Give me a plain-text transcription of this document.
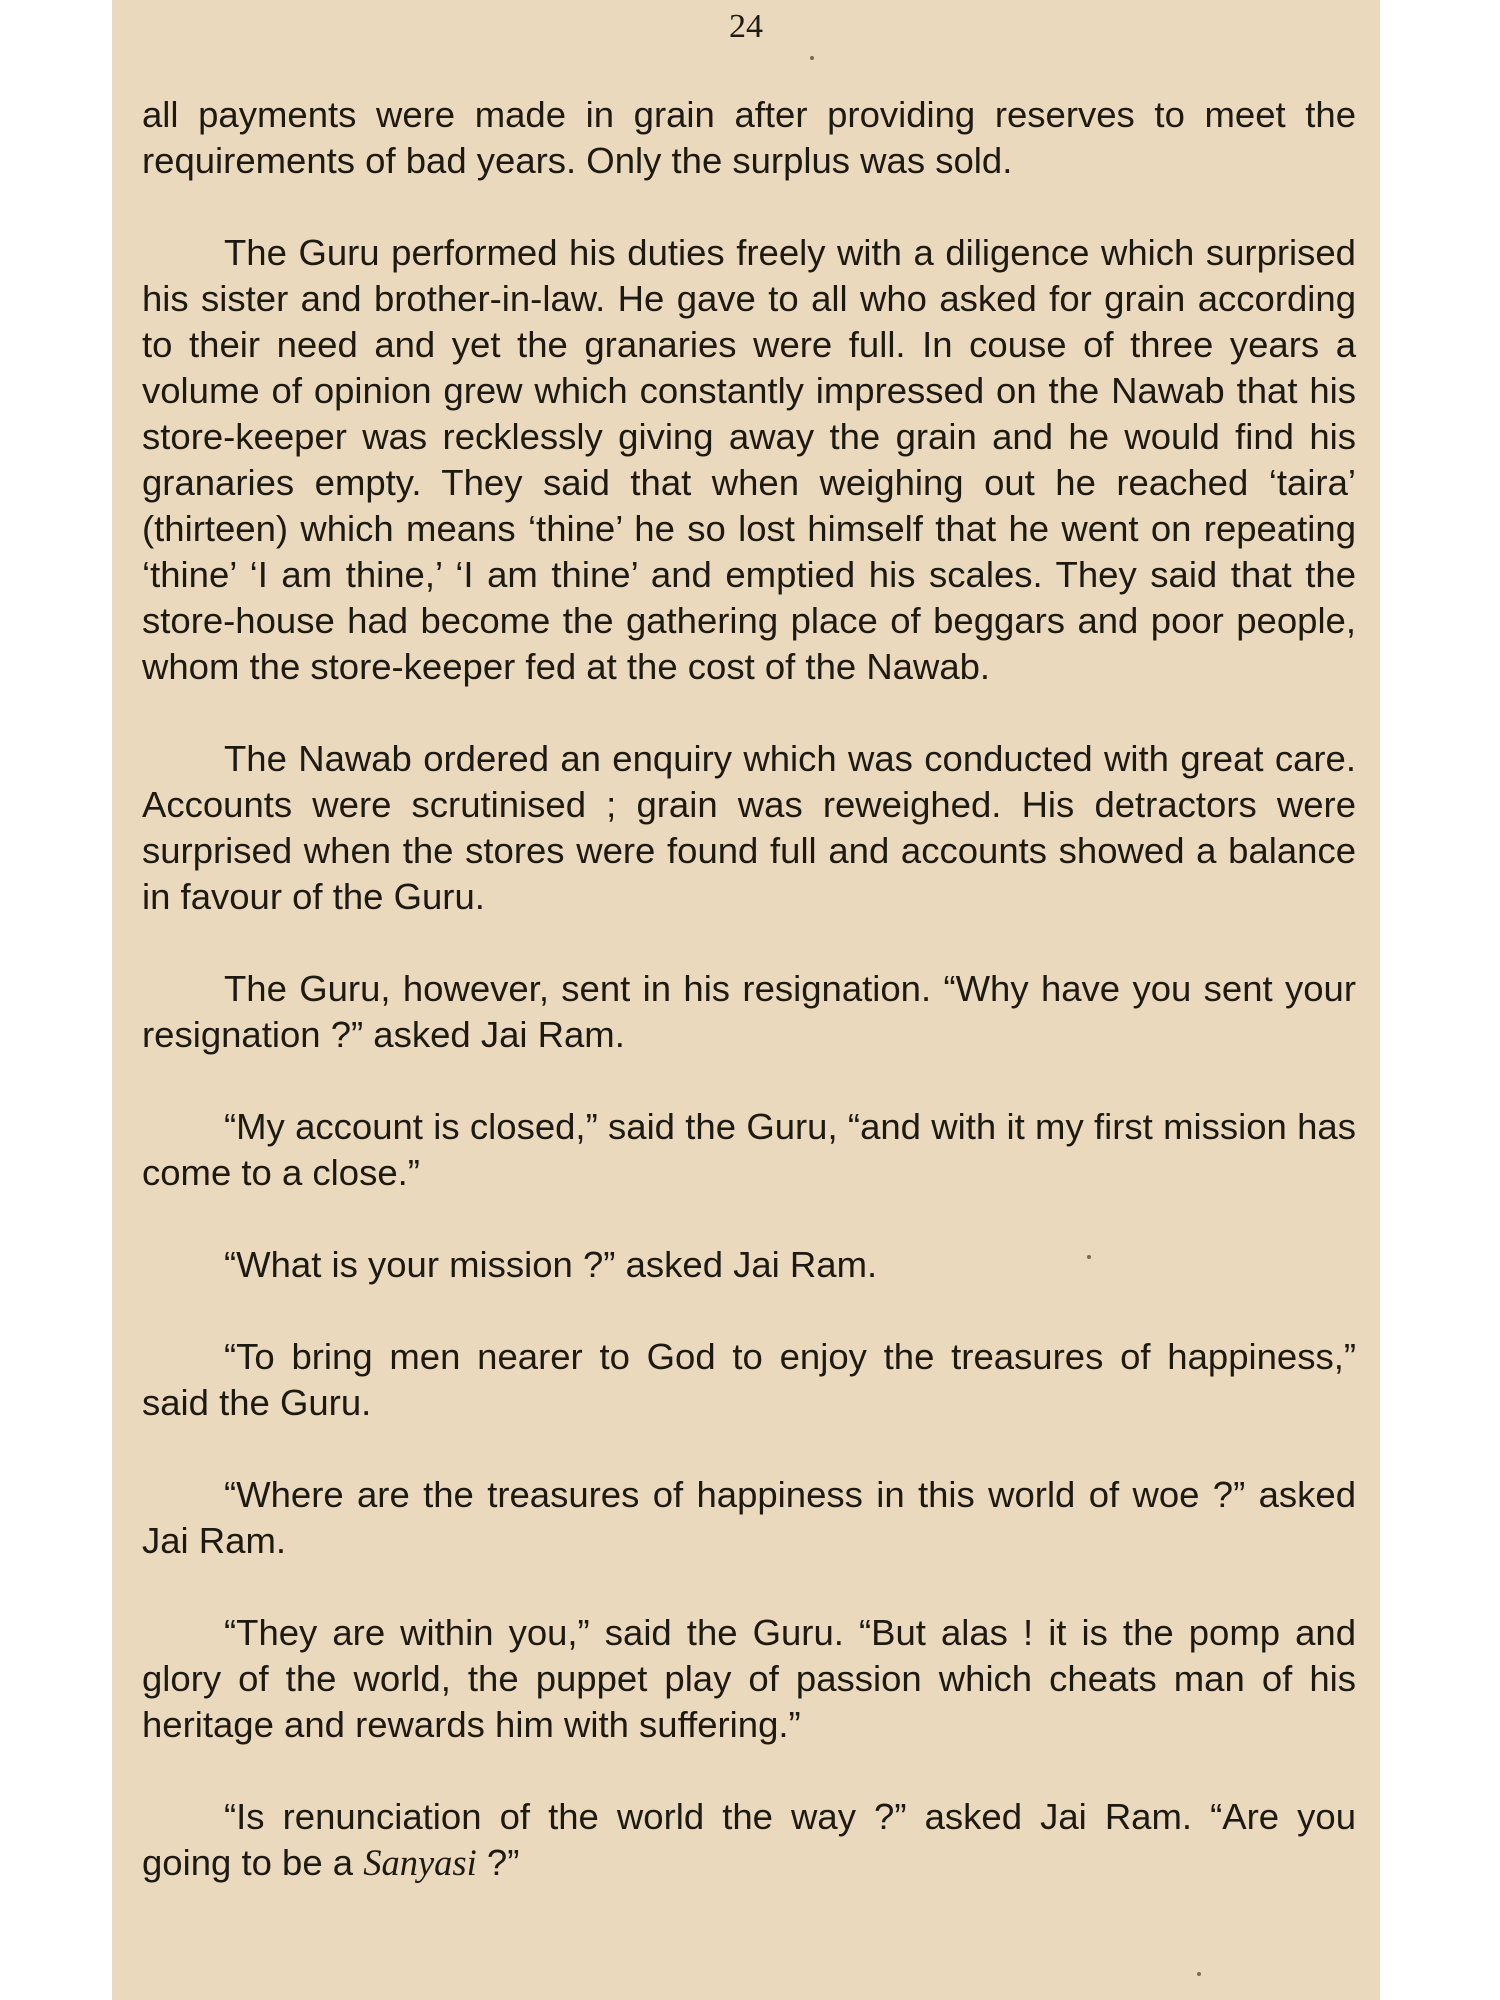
24

all payments were made in grain after providing reserves to meet the requirements of bad years. Only the surplus was sold.

The Guru performed his duties freely with a diligence which surprised his sister and brother-in-law. He gave to all who asked for grain according to their need and yet the granaries were full. In couse of three years a volume of opinion grew which constantly impressed on the Nawab that his store-keeper was recklessly giving away the grain and he would find his granaries empty. They said that when weighing out he reached ‘taira’ (thirteen) which means ‘thine’ he so lost himself that he went on repeating ‘thine’ ‘I am thine,’ ‘I am thine’ and emptied his scales. They said that the store-house had become the gathering place of beggars and poor people, whom the store-keeper fed at the cost of the Nawab.

The Nawab ordered an enquiry which was conducted with great care. Accounts were scrutinised ; grain was reweighed. His detractors were surprised when the stores were found full and accounts showed a balance in favour of the Guru.

The Guru, however, sent in his resignation. “Why have you sent your resignation ?” asked Jai Ram.

“My account is closed,” said the Guru, “and with it my first mission has come to a close.”

“What is your mission ?” asked Jai Ram.

“To bring men nearer to God to enjoy the treasures of happiness,” said the Guru.

“Where are the treasures of happiness in this world of woe ?” asked Jai Ram.

“They are within you,” said the Guru. “But alas ! it is the pomp and glory of the world, the puppet play of passion which cheats man of his heritage and rewards him with suffering.”

“Is renunciation of the world the way ?” asked Jai Ram. “Are you going to be a Sanyasi ?”
